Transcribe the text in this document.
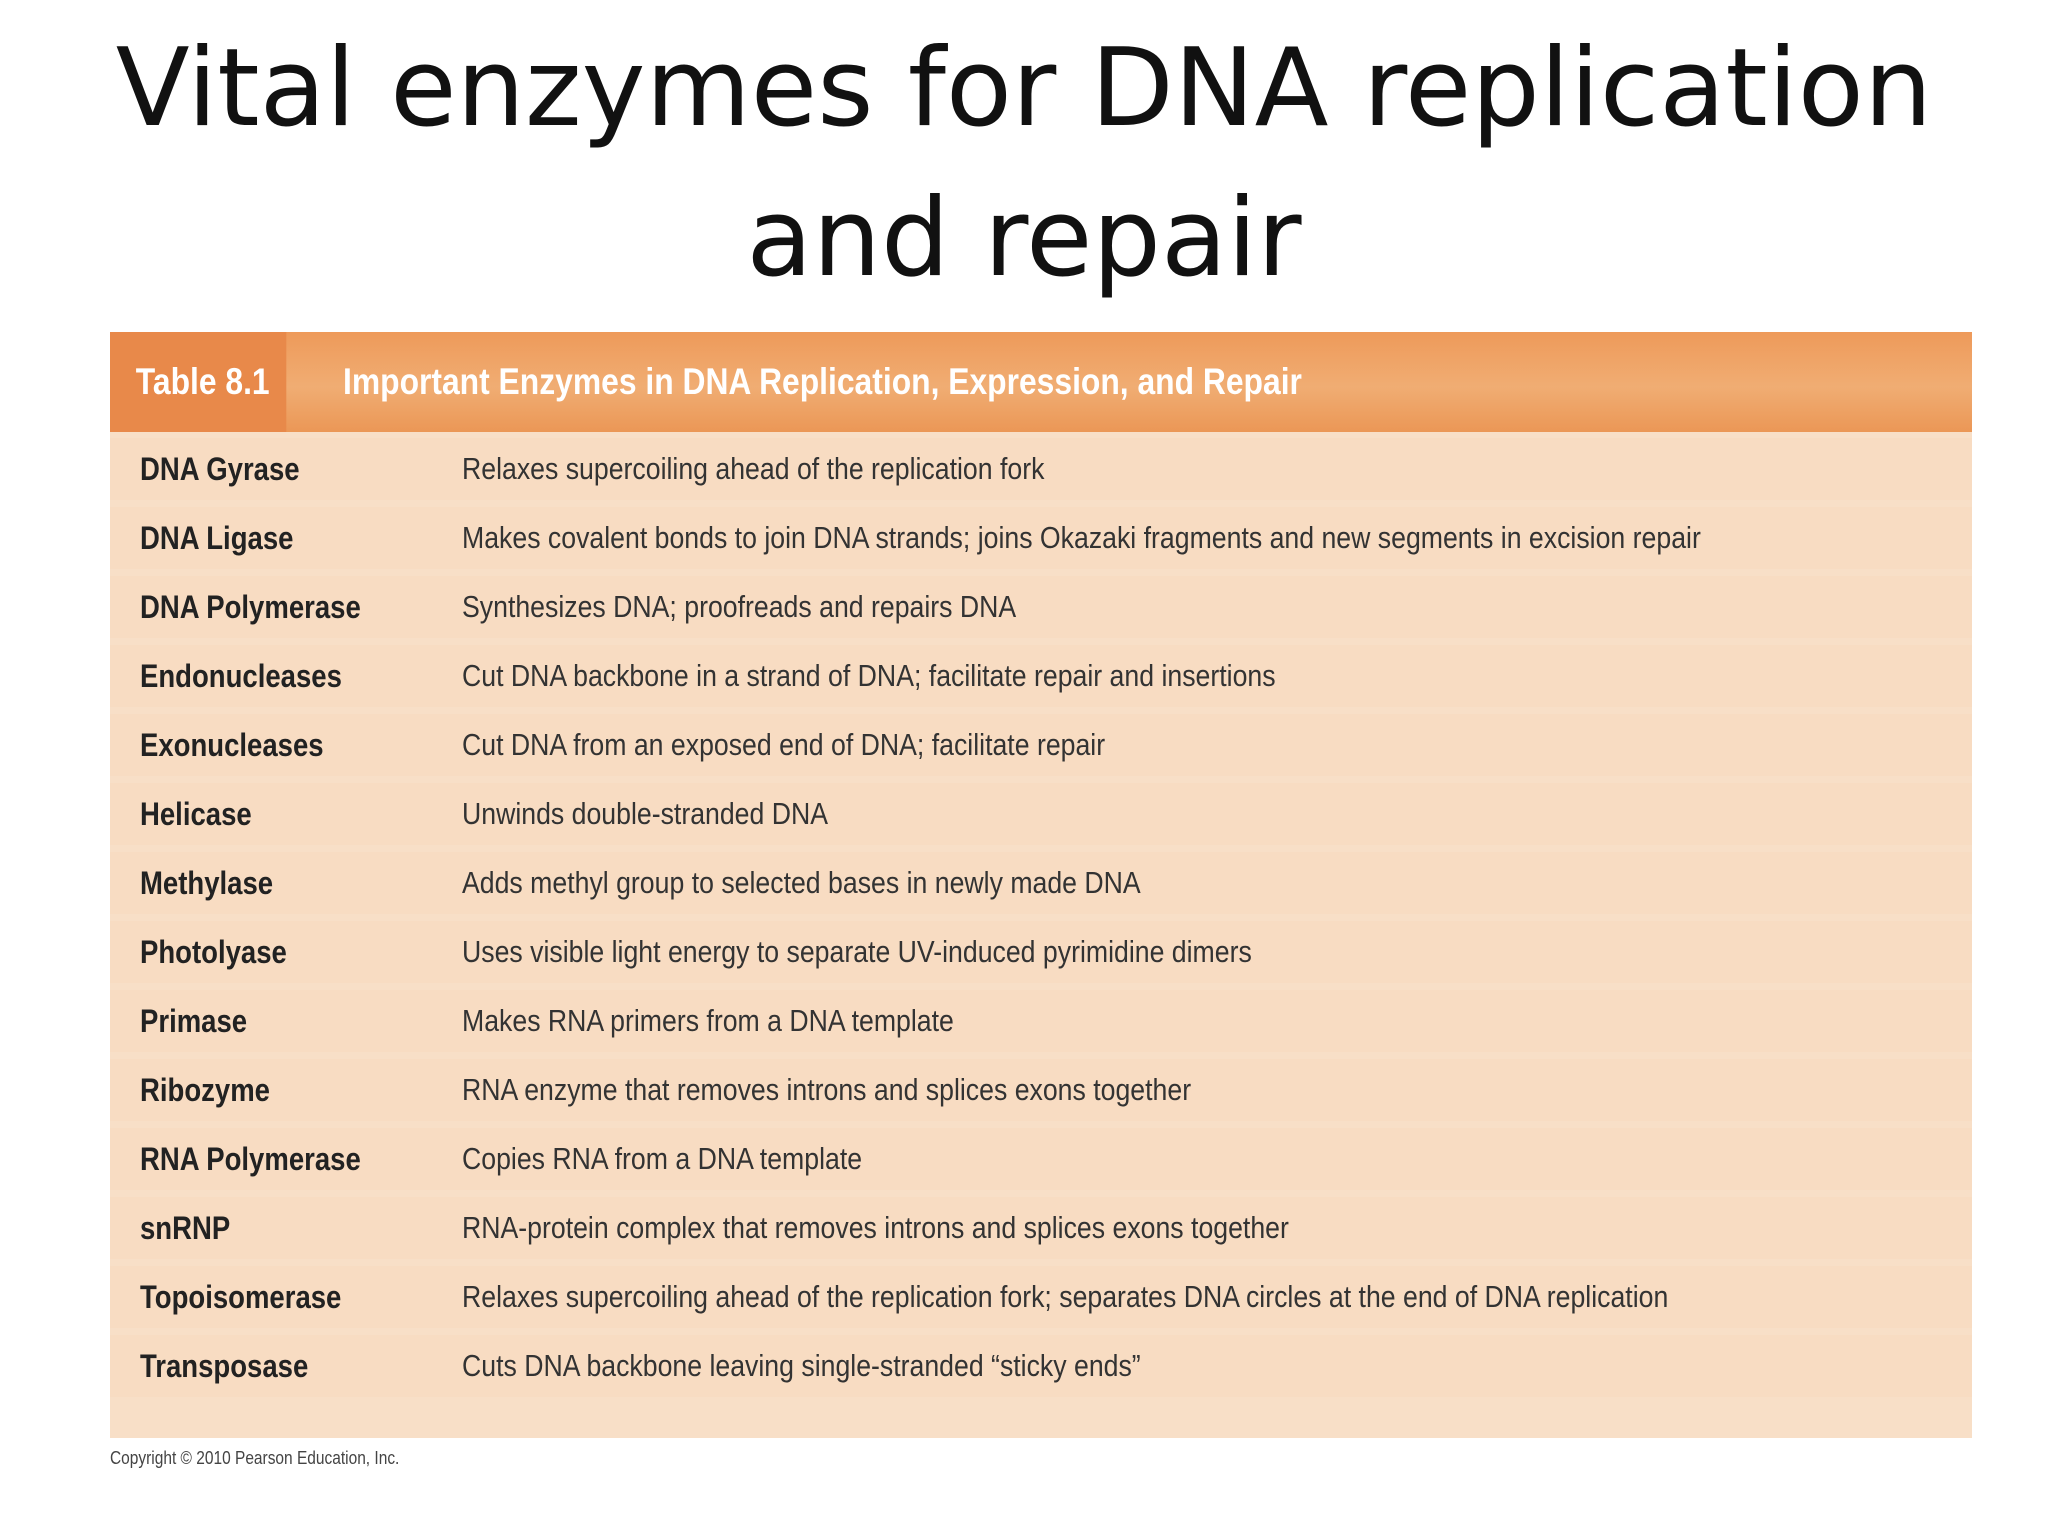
Vital enzymes for DNA replication
and repair
Table 8.1	Important Enzymes in DNA Replication, Expression, and Repair
DNA Gyrase	Relaxes supercoiling ahead of the replication fork
DNA Ligase	Makes covalent bonds to join DNA strands; joins Okazaki fragments and new segments in excision repair
DNA Polymerase	Synthesizes DNA; proofreads and repairs DNA
Endonucleases	Cut DNA backbone in a strand of DNA; facilitate repair and insertions
Exonucleases	Cut DNA from an exposed end of DNA; facilitate repair
Helicase	Unwinds double-stranded DNA
Methylase	Adds methyl group to selected bases in newly made DNA
Photolyase	Uses visible light energy to separate UV-induced pyrimidine dimers
Primase	Makes RNA primers from a DNA template
Ribozyme	RNA enzyme that removes introns and splices exons together
RNA Polymerase	Copies RNA from a DNA template
snRNP	RNA-protein complex that removes introns and splices exons together
Topoisomerase	Relaxes supercoiling ahead of the replication fork; separates DNA circles at the end of DNA replication
Transposase	Cuts DNA backbone leaving single-stranded “sticky ends”
Copyright © 2010 Pearson Education, Inc.
